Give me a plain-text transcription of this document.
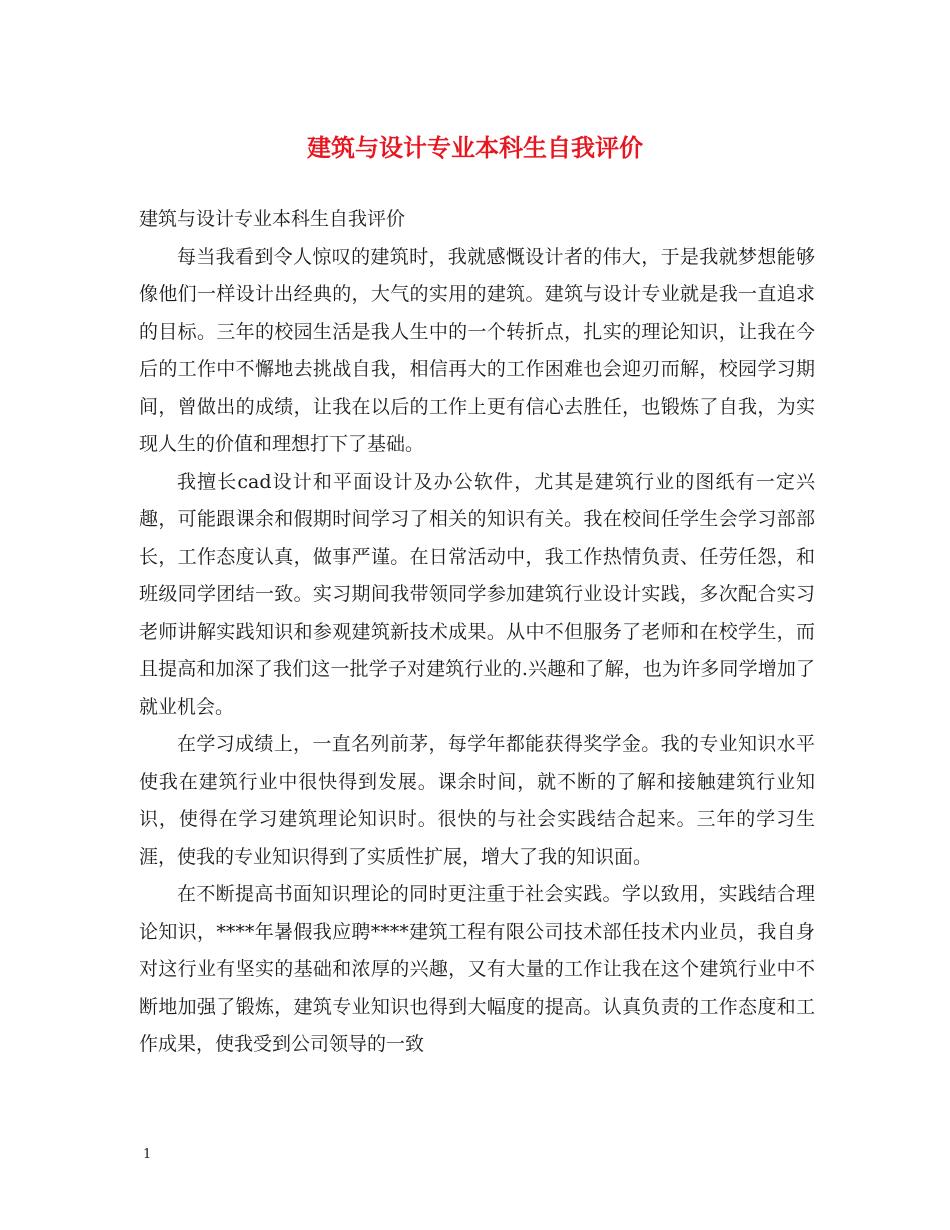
建筑与设计专业本科生自我评价

建筑与设计专业本科生自我评价

每当我看到令人惊叹的建筑时，我就感慨设计者的伟大，于是我就梦想能够像他们一样设计出经典的，大气的实用的建筑。建筑与设计专业就是我一直追求的目标。三年的校园生活是我人生中的一个转折点，扎实的理论知识，让我在今后的工作中不懈地去挑战自我，相信再大的工作困难也会迎刃而解，校园学习期间，曾做出的成绩，让我在以后的工作上更有信心去胜任，也锻炼了自我，为实现人生的价值和理想打下了基础。

我擅长cad设计和平面设计及办公软件，尤其是建筑行业的图纸有一定兴趣，可能跟课余和假期时间学习了相关的知识有关。我在校间任学生会学习部部长，工作态度认真，做事严谨。在日常活动中，我工作热情负责、任劳任怨，和班级同学团结一致。实习期间我带领同学参加建筑行业设计实践，多次配合实习老师讲解实践知识和参观建筑新技术成果。从中不但服务了老师和在校学生，而且提高和加深了我们这一批学子对建筑行业的.兴趣和了解，也为许多同学增加了就业机会。

在学习成绩上，一直名列前茅，每学年都能获得奖学金。我的专业知识水平使我在建筑行业中很快得到发展。课余时间，就不断的了解和接触建筑行业知识，使得在学习建筑理论知识时。很快的与社会实践结合起来。三年的学习生涯，使我的专业知识得到了实质性扩展，增大了我的知识面。

在不断提高书面知识理论的同时更注重于社会实践。学以致用，实践结合理论知识，****年暑假我应聘****建筑工程有限公司技术部任技术内业员，我自身对这行业有坚实的基础和浓厚的兴趣，又有大量的工作让我在这个建筑行业中不断地加强了锻炼，建筑专业知识也得到大幅度的提高。认真负责的工作态度和工作成果，使我受到公司领导的一致

1
